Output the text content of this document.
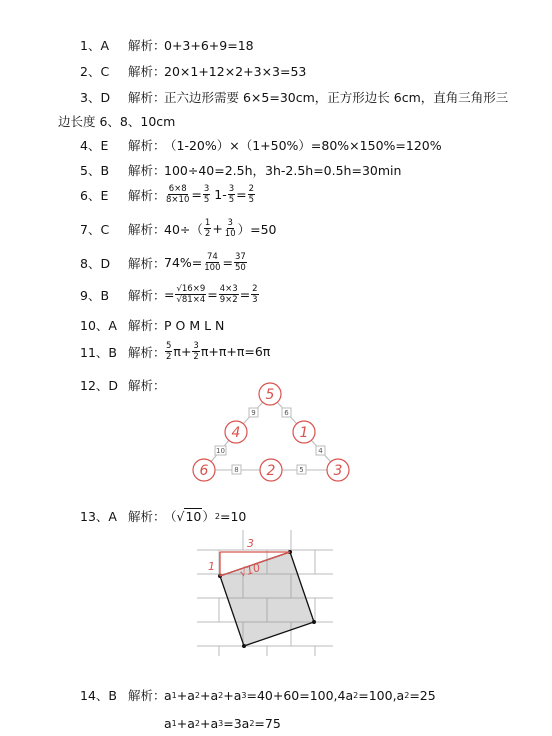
1、A	解析：
0+3+6+9=18
2、C	解析：
20×1+12×2+3×3=53
3、D	解析：
正六边形需要 6×5=30cm，正方形边长 6cm，直角三角形三
边长度 6、8、10cm
4、E	解析：
（1-20%）×（1+50%）=80%×150%=120%
5、B	解析：
100÷40=2.5h，3h-2.5h=0.5h=30min
6、E	解析： $\frac{6\times 8}{8\times 10} = \frac{3}{5} 1- \frac{3}{5} = \frac{2}{5}$
7、C	解析：
$40\div( \frac{1}{2} + \frac{3}{10} )=50$
8、D	解析：
$74\%= \frac{74}{100} = \frac{37}{50}$
9、B	解析：
= $\frac{√16\times 9}{√81\times 4} = \frac{4\times 3}{9\times 2} = \frac{2}{3}$
10、A 解析：
P O M L N
11、B 解析： $\frac{5}{2} \pi+ \frac{3}{2} \pi+\pi+\pi=6\pi$
12、D 解析：
9	6
10	4
8	5
5
4	1
6	2	3
13、A 解析：
（ √ 10 ） 2 =10
3
1 √10
14、B 解析：
a 1 +a 2 +a 2 +a 3 =40+60=100,4a 2 =100,a 2 =25
a 1 +a 2 +a 3 =3a 2 =75
